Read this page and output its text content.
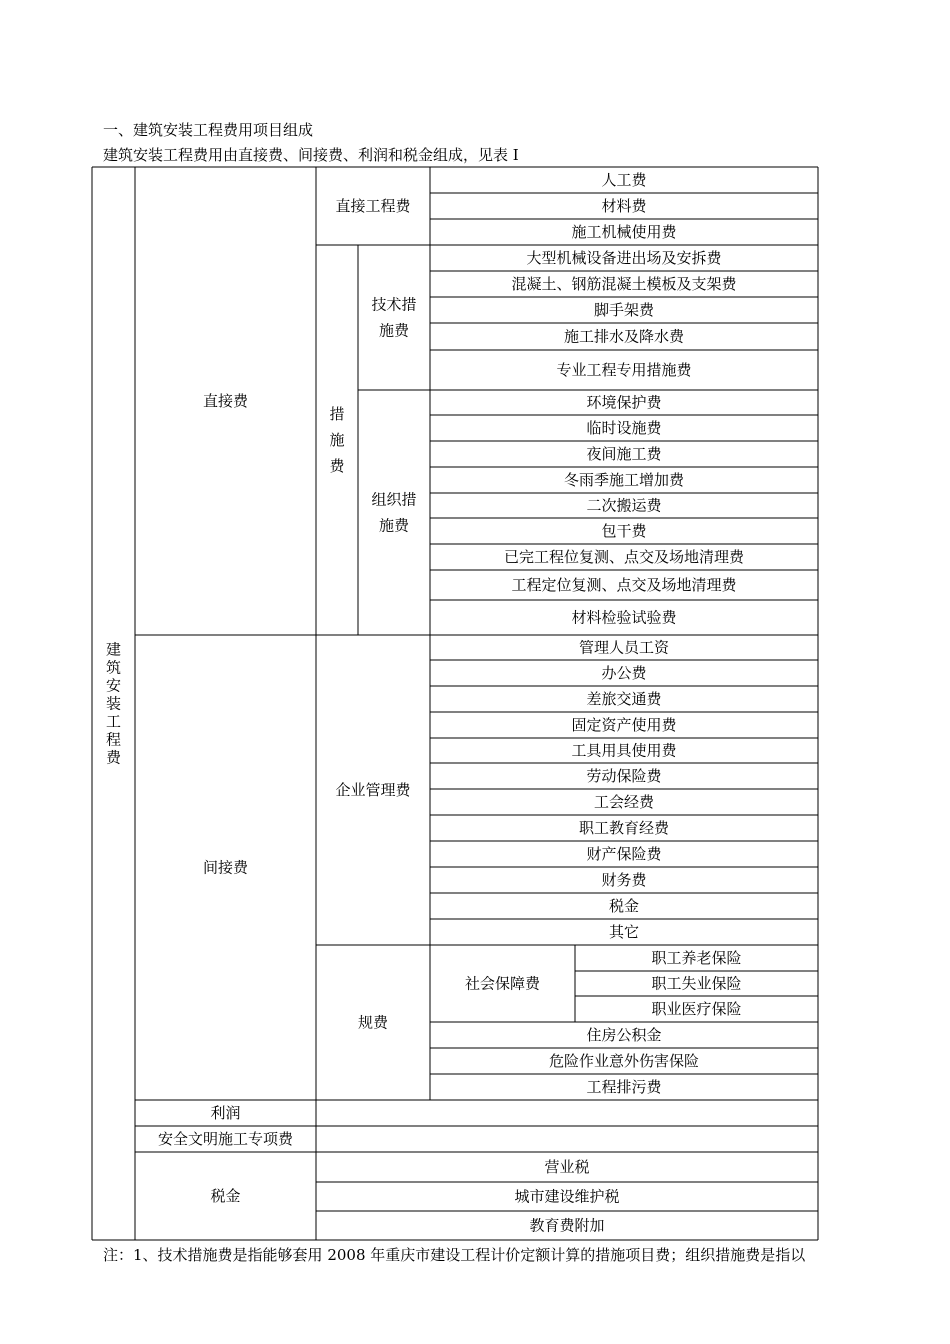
一、建筑安装工程费用项目组成
建筑安装工程费用由直接费、间接费、利润和税金组成，见表 I
建筑安装工程费
直接费
直接工程费
人工费
材料费
施工机械使用费
措施费
技术措施费
大型机械设备进出场及安拆费
混凝土、钢筋混凝土模板及支架费
脚手架费
施工排水及降水费
专业工程专用措施费
组织措施费
环境保护费
临时设施费
夜间施工费
冬雨季施工增加费
二次搬运费
包干费
已完工程位复测、点交及场地清理费
工程定位复测、点交及场地清理费
材料检验试验费
间接费
企业管理费
管理人员工资
办公费
差旅交通费
固定资产使用费
工具用具使用费
劳动保险费
工会经费
职工教育经费
财产保险费
财务费
税金
其它
规费
社会保障费
职工养老保险
职工失业保险
职业医疗保险
住房公积金
危险作业意外伤害保险
工程排污费
利润
安全文明施工专项费
税金
营业税
城市建设维护税
教育费附加
注：1、技术措施费是指能够套用 2008 年重庆市建设工程计价定额计算的措施项目费；组织措施费是指以
